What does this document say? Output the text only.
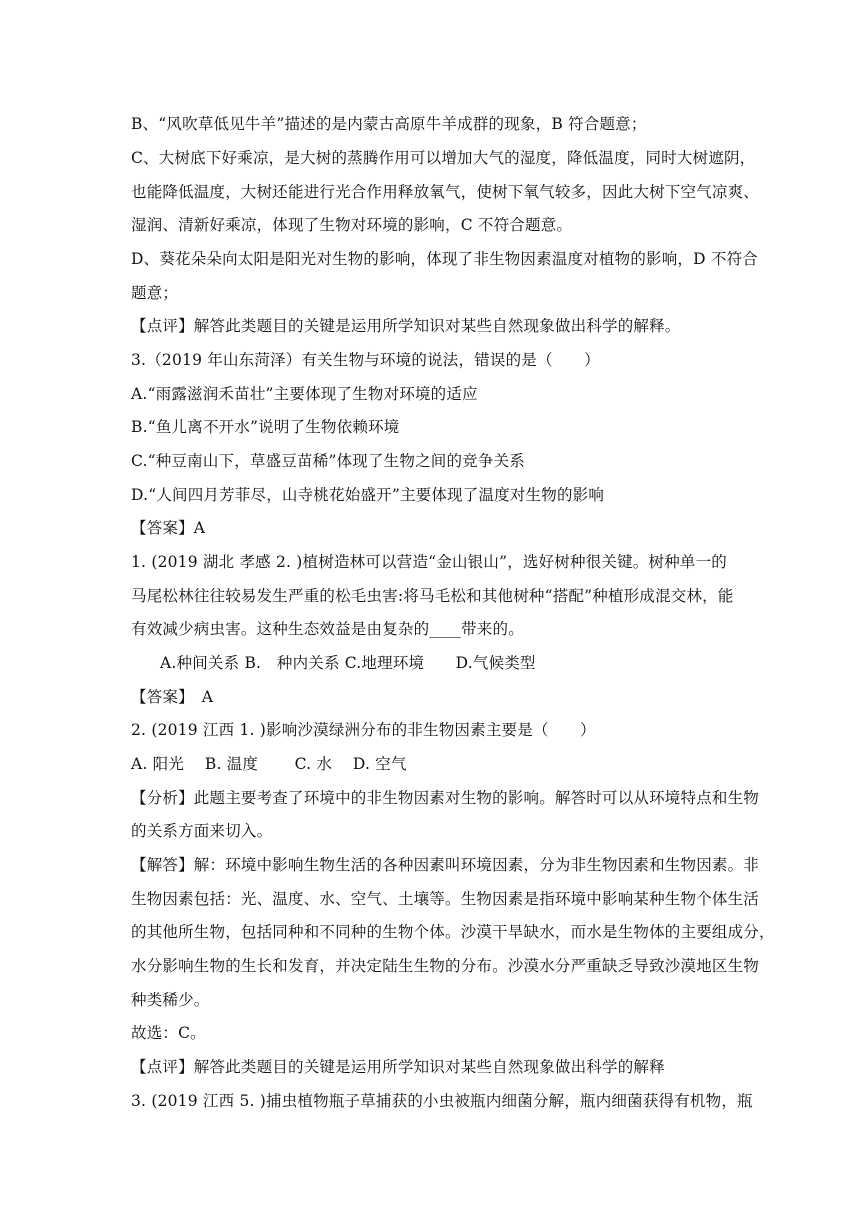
B、“风吹草低见牛羊”描述的是内蒙古高原牛羊成群的现象，B 符合题意；
C、大树底下好乘凉，是大树的蒸腾作用可以增加大气的湿度，降低温度，同时大树遮阴，
也能降低温度，大树还能进行光合作用释放氧气，使树下氧气较多，因此大树下空气凉爽、
湿润、清新好乘凉，体现了生物对环境的影响，C 不符合题意。
D、葵花朵朵向太阳是阳光对生物的影响，体现了非生物因素温度对植物的影响，D 不符合
题意；
【点评】解答此类题目的关键是运用所学知识对某些自然现象做出科学的解释。
3.（2019 年山东菏泽）有关生物与环境的说法，错误的是（　　）
A.“雨露滋润禾苗壮”主要体现了生物对环境的适应
B.“鱼儿离不开水”说明了生物依赖环境
C.“种豆南山下，草盛豆苗稀”体现了生物之间的竞争关系
D.“人间四月芳菲尽，山寺桃花始盛开”主要体现了温度对生物的影响
【答案】A
1. (2019 湖北 孝感 2. )植树造林可以营造“金山银山”，选好树种很关键。树种单一的
马尾松林往往较易发生严重的松毛虫害:将马毛松和其他树种“搭配”种植形成混交林，能
有效减少病虫害。这种生态效益是由复杂的____带来的。
A.种间关系 B.　种内关系 C.地理环境　　D.气候类型
【答案】　A
2. (2019 江西 1. )影响沙漠绿洲分布的非生物因素主要是（　　）
A. 阳光　 B. 温度　　 C. 水　 D. 空气
【分析】此题主要考查了环境中的非生物因素对生物的影响。解答时可以从环境特点和生物
的关系方面来切入。
【解答】解：环境中影响生物生活的各种因素叫环境因素，分为非生物因素和生物因素。非
生物因素包括：光、温度、水、空气、土壤等。生物因素是指环境中影响某种生物个体生活
的其他所生物，包括同种和不同种的生物个体。沙漠干旱缺水，而水是生物体的主要组成分，
水分影响生物的生长和发育，并决定陆生生物的分布。沙漠水分严重缺乏导致沙漠地区生物
种类稀少。
故选：C。
【点评】解答此类题目的关键是运用所学知识对某些自然现象做出科学的解释
3. (2019 江西 5. )捕虫植物瓶子草捕获的小虫被瓶内细菌分解，瓶内细菌获得有机物，瓶
